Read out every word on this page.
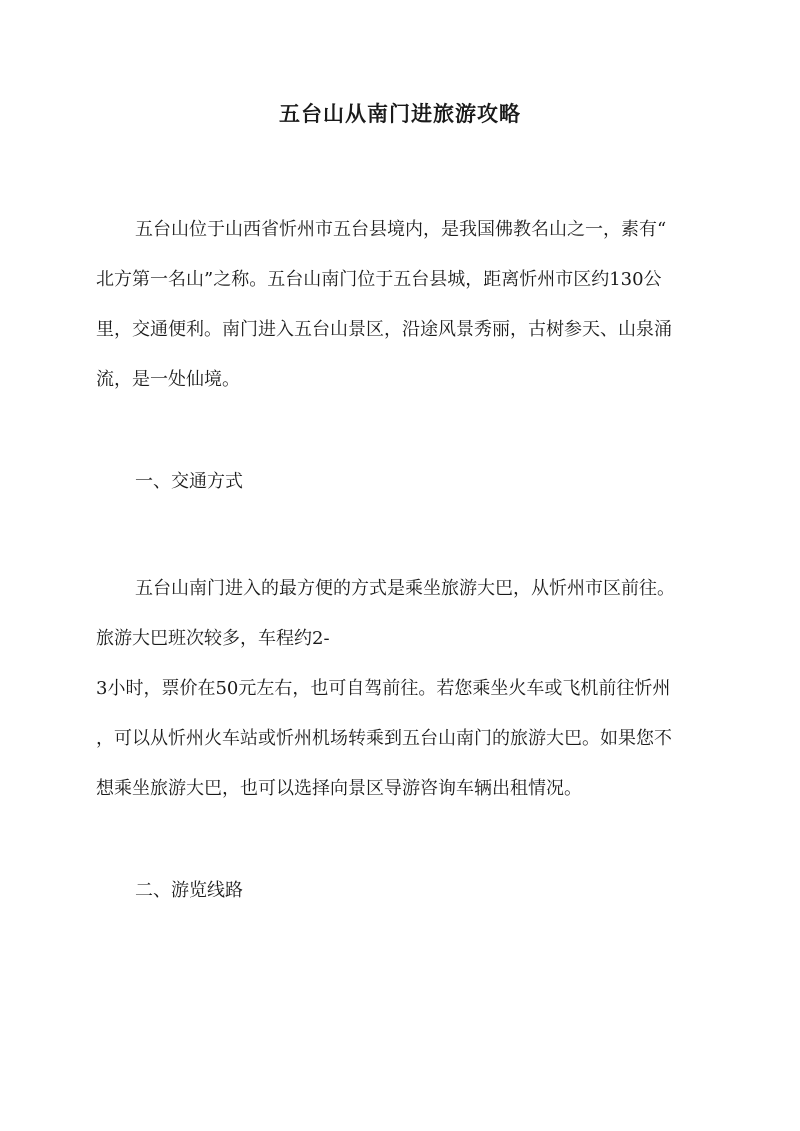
五台山从南门进旅游攻略
五台山位于山西省忻州市五台县境内，是我国佛教名山之一，素有“
北方第一名山”之称。五台山南门位于五台县城，距离忻州市区约130公
里，交通便利。南门进入五台山景区，沿途风景秀丽，古树参天、山泉涌
流，是一处仙境。
一、交通方式
五台山南门进入的最方便的方式是乘坐旅游大巴，从忻州市区前往。
旅游大巴班次较多，车程约2-
3小时，票价在50元左右，也可自驾前往。若您乘坐火车或飞机前往忻州
，可以从忻州火车站或忻州机场转乘到五台山南门的旅游大巴。如果您不
想乘坐旅游大巴，也可以选择向景区导游咨询车辆出租情况。
二、游览线路
